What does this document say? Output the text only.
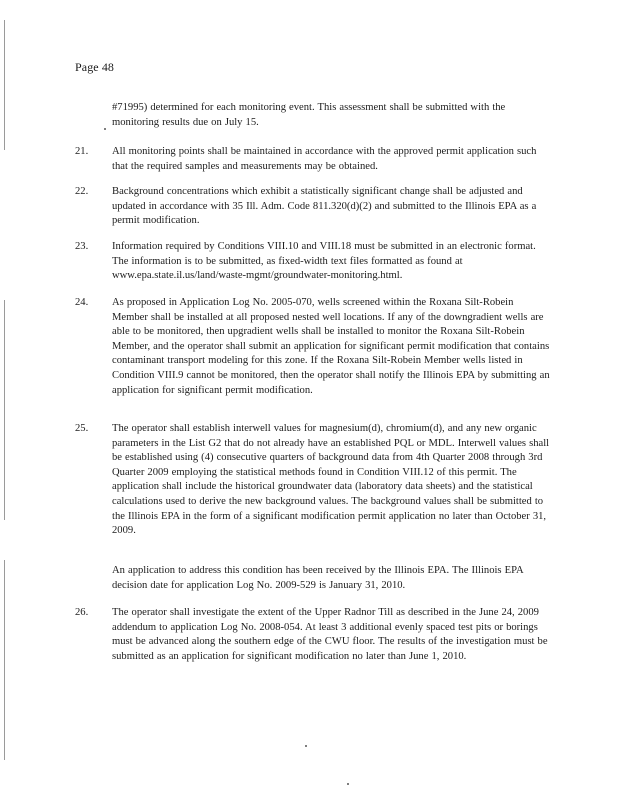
Page 48
#71995) determined for each monitoring event. This assessment shall be submitted with the monitoring results due on July 15.
21. All monitoring points shall be maintained in accordance with the approved permit application such that the required samples and measurements may be obtained.
22. Background concentrations which exhibit a statistically significant change shall be adjusted and updated in accordance with 35 Ill. Adm. Code 811.320(d)(2) and submitted to the Illinois EPA as a permit modification.
23. Information required by Conditions VIII.10 and VIII.18 must be submitted in an electronic format. The information is to be submitted, as fixed-width text files formatted as found at www.epa.state.il.us/land/waste-mgmt/groundwater-monitoring.html.
24. As proposed in Application Log No. 2005-070, wells screened within the Roxana Silt-Robein Member shall be installed at all proposed nested well locations. If any of the downgradient wells are able to be monitored, then upgradient wells shall be installed to monitor the Roxana Silt-Robein Member, and the operator shall submit an application for significant permit modification that contains contaminant transport modeling for this zone. If the Roxana Silt-Robein Member wells listed in Condition VIII.9 cannot be monitored, then the operator shall notify the Illinois EPA by submitting an application for significant permit modification.
25. The operator shall establish interwell values for magnesium(d), chromium(d), and any new organic parameters in the List G2 that do not already have an established PQL or MDL. Interwell values shall be established using (4) consecutive quarters of background data from 4th Quarter 2008 through 3rd Quarter 2009 employing the statistical methods found in Condition VIII.12 of this permit. The application shall include the historical groundwater data (laboratory data sheets) and the statistical calculations used to derive the new background values. The background values shall be submitted to the Illinois EPA in the form of a significant modification permit application no later than October 31, 2009.
An application to address this condition has been received by the Illinois EPA. The Illinois EPA decision date for application Log No. 2009-529 is January 31, 2010.
26. The operator shall investigate the extent of the Upper Radnor Till as described in the June 24, 2009 addendum to application Log No. 2008-054. At least 3 additional evenly spaced test pits or borings must be advanced along the southern edge of the CWU floor. The results of the investigation must be submitted as an application for significant modification no later than June 1, 2010.
